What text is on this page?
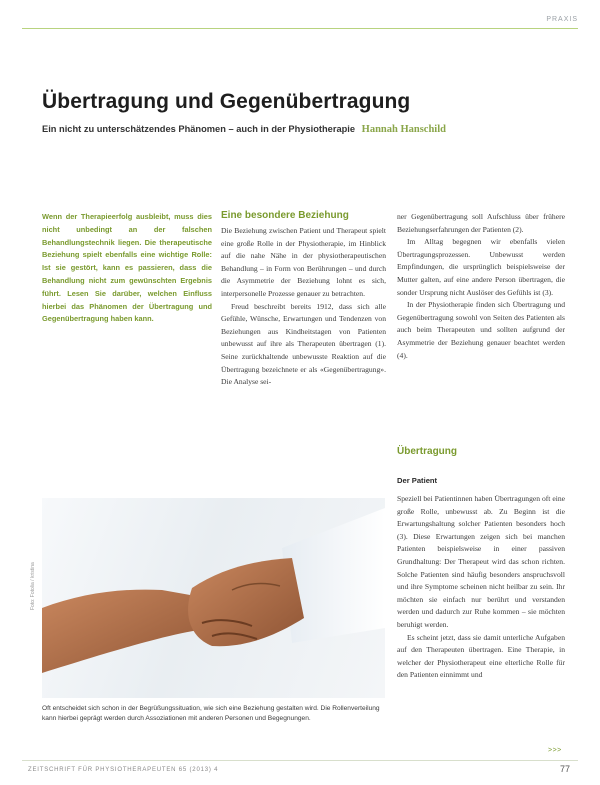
PRAXIS
Übertragung und Gegenübertragung
Ein nicht zu unterschätzendes Phänomen – auch in der Physiotherapie Hannah Hanschild
Wenn der Therapieerfolg ausbleibt, muss dies nicht unbedingt an der falschen Behandlungstechnik liegen. Die therapeutische Beziehung spielt ebenfalls eine wichtige Rolle: Ist sie gestört, kann es passieren, dass die Behandlung nicht zum gewünschten Ergebnis führt. Lesen Sie darüber, welchen Einfluss hierbei das Phänomen der Übertragung und Gegenübertragung haben kann.
Eine besondere Beziehung

Die Beziehung zwischen Patient und Therapeut spielt eine große Rolle in der Physiotherapie, im Hinblick auf die nahe Nähe in der physiotherapeutischen Behandlung – in Form von Berührungen – und durch die Asymmetrie der Beziehung lohnt es sich, interpersonelle Prozesse genauer zu betrachten.

Freud beschreibt bereits 1912, dass sich alle Gefühle, Wünsche, Erwartungen und Tendenzen von Beziehungen aus Kindheitstagen von Patienten unbewusst auf ihre als Therapeuten übertragen (1). Seine zurückhaltende unbewusste Reaktion auf die Übertragung bezeichnete er als «Gegenübertragung». Die Analyse sei-

ner Gegenübertragung soll Aufschluss über frühere Beziehungserfahrungen der Patienten (2).

Im Alltag begegnen wir ebenfalls vielen Übertragungsprozessen. Unbewusst werden Empfindungen, die ursprünglich beispielsweise der Mutter galten, auf eine andere Person übertragen, die sonder Ursprung nicht Auslöser des Gefühls ist (3).

In der Physiotherapie finden sich Übertragung und Gegenübertragung sowohl von Seiten des Patienten als auch beim Therapeuten und sollten aufgrund der Asymmetrie der Beziehung genauer beachtet werden (4).

Übertragung
Der Patient

Speziell bei Patientinnen haben Übertragungen oft eine große Rolle, unbewusst ab. Zu Beginn ist die Erwartungshaltung solcher Patienten besonders hoch (3). Diese Erwartungen zeigen sich bei manchen Patienten beispielsweise in einer passiven Grundhaltung: Der Therapeut wird das schon richten. Solche Patienten sind häufig besonders anspruchsvoll und ihre Symptome scheinen nicht heilbar zu sein. Ihr möchten sie einfach nur berührt und verstanden werden und dadurch zur Ruhe kommen – sie möchten beruhigt werden.

Es scheint jetzt, dass sie damit unterliche Aufgaben auf den Therapeuten übertragen. Eine Therapie, in welcher der Physiotherapeut eine elterliche Rolle für den Patienten einnimmt und

Foto: Fotolia / kristina
Oft entscheidet sich schon in der Begrüßungssituation, wie sich eine Beziehung gestalten wird. Die Rollenverteilung kann hierbei geprägt werden durch Assoziationen mit anderen Personen und Begegnungen.
>>>
ZEITSCHRIFT FÜR PHYSIOTHERAPEUTEN 65 (2013) 4	77
